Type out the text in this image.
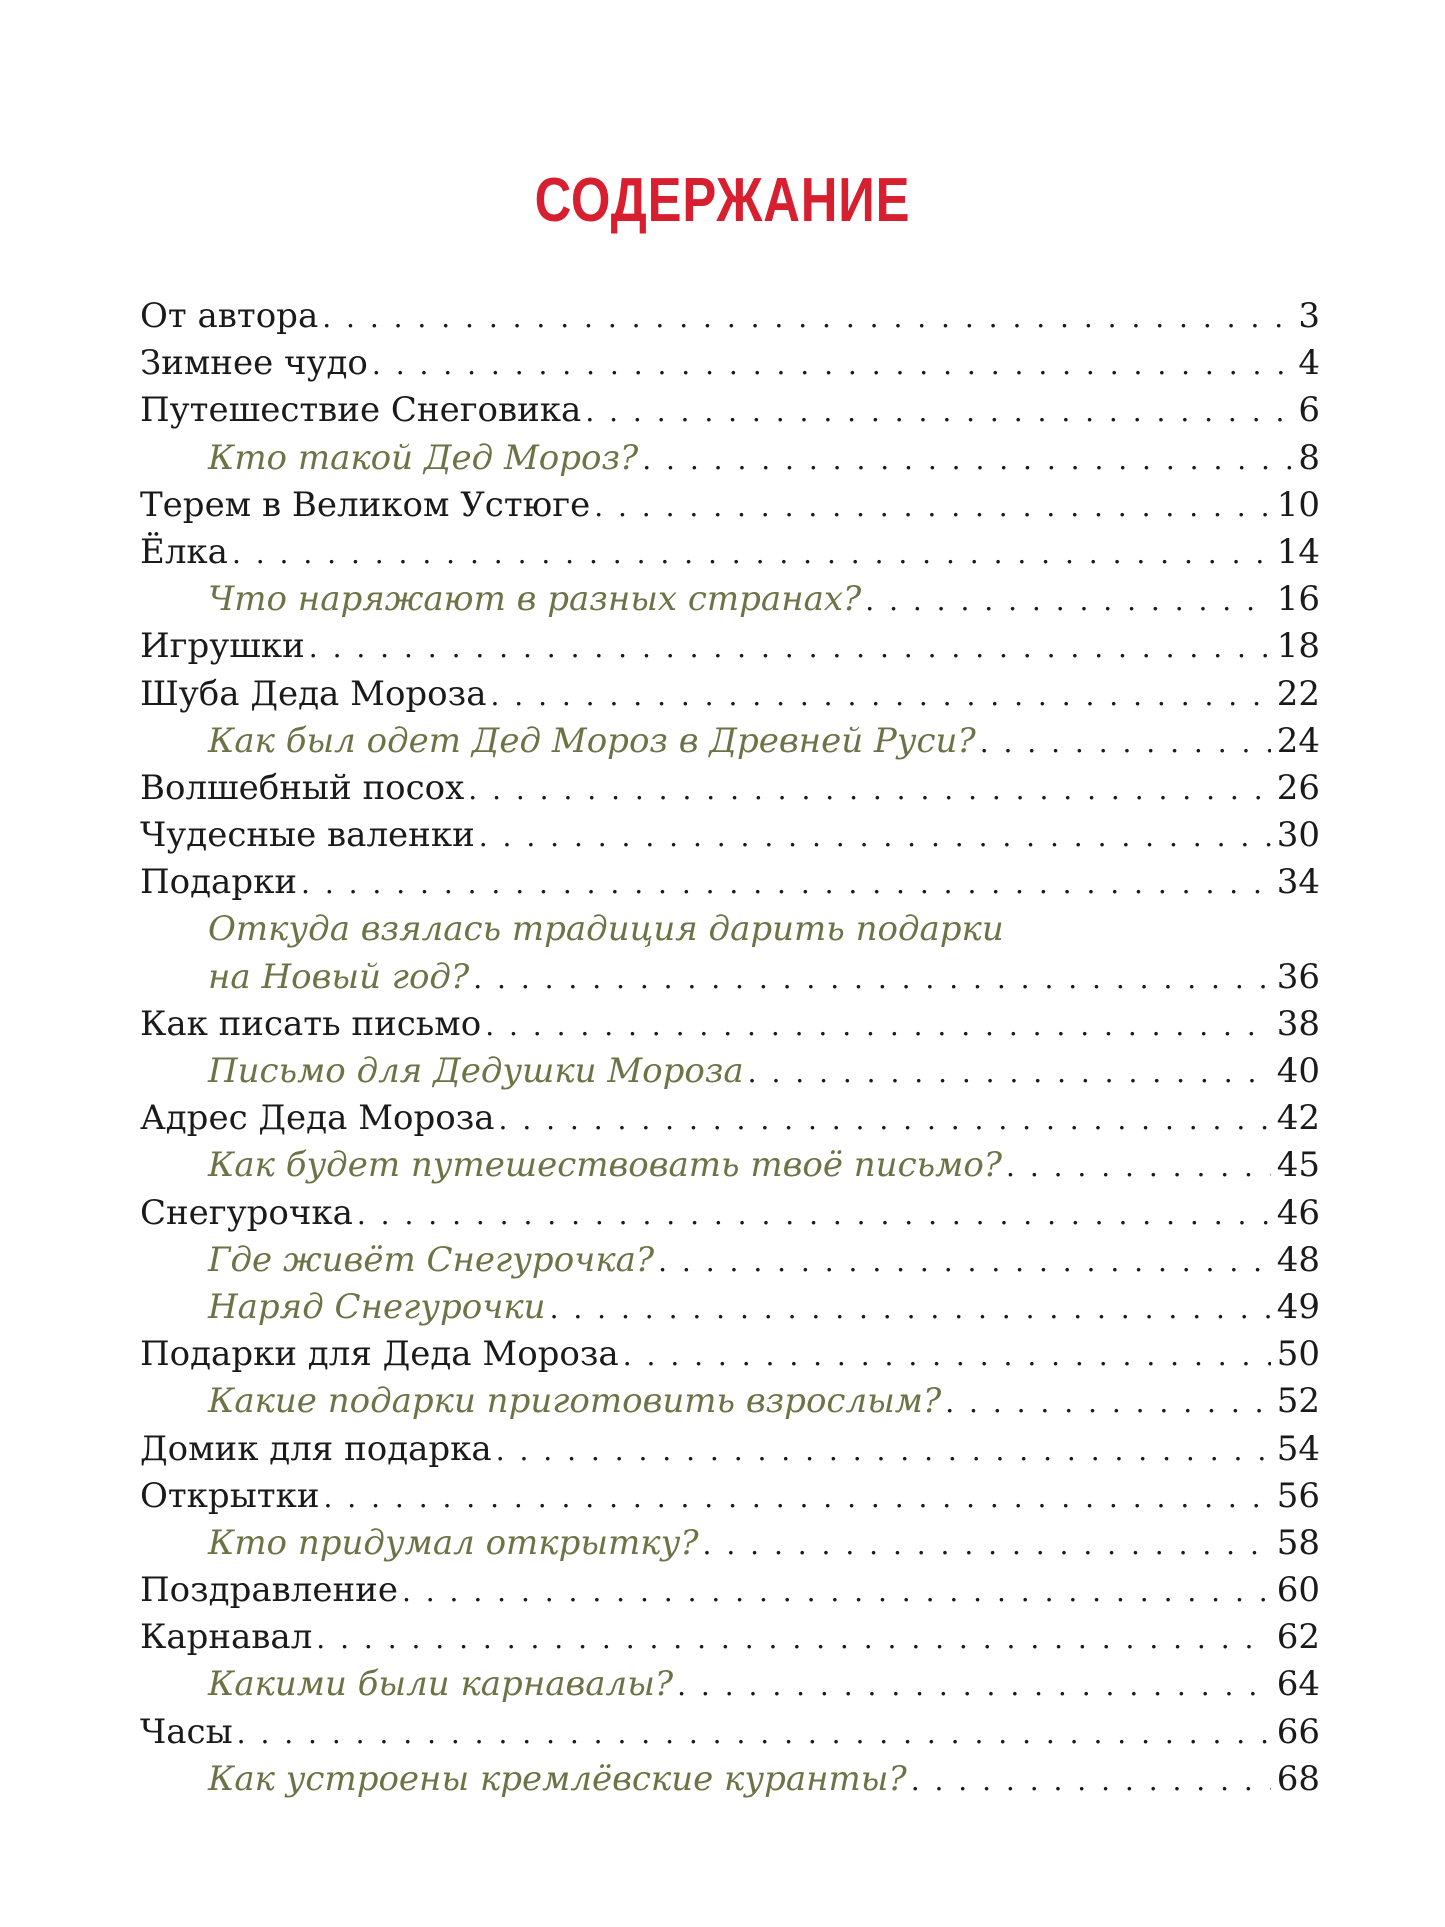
СОДЕРЖАНИЕ
От автора . . .	3
Зимнее чудо . . .	4
Путешествие Снеговика . . .	6
Кто такой Дед Мороз? . . .	8
Терем в Великом Устюге . . .	10
Ёлка . . .	14
Что наряжают в разных странах? . . .	16
Игрушки . . .	18
Шуба Деда Мороза . . .	22
Как был одет Дед Мороз в Древней Руси? . . .	24
Волшебный посох . . .	26
Чудесные валенки . . .	30
Подарки . . .	34
Откуда взялась традиция дарить подарки
на Новый год? . . .	36
Как писать письмо . . .	38
Письмо для Дедушки Мороза . . .	40
Адрес Деда Мороза . . .	42
Как будет путешествовать твоё письмо? . . .	45
Снегурочка . . .	46
Где живёт Снегурочка? . . .	48
Наряд Снегурочки . . .	49
Подарки для Деда Мороза . . .	50
Какие подарки приготовить взрослым? . . .	52
Домик для подарка . . .	54
Открытки . . .	56
Кто придумал открытку? . . .	58
Поздравление . . .	60
Карнавал . . .	62
Какими были карнавалы? . . .	64
Часы . . .	66
Как устроены кремлёвские куранты? . . .	68
